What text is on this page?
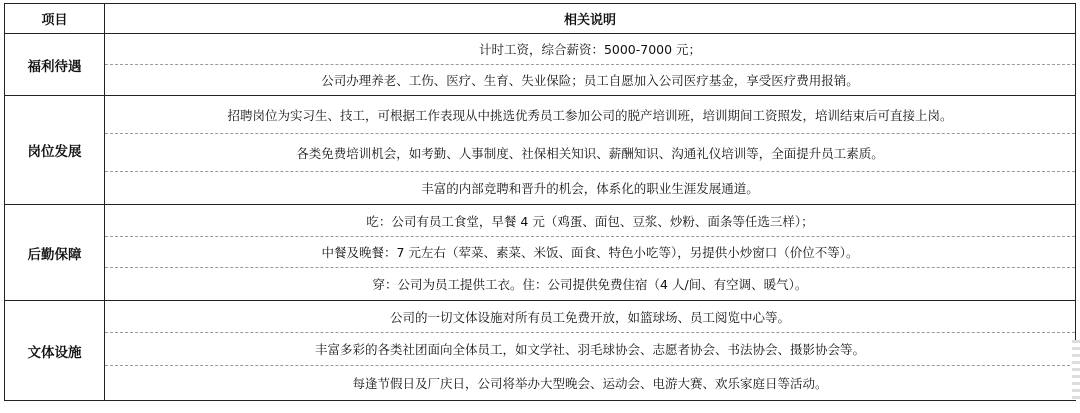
项目	相关说明
福利待遇	计时工资，综合薪资：5000-7000 元；
	公司办理养老、工伤、医疗、生育、失业保险；员工自愿加入公司医疗基金，享受医疗费用报销。
岗位发展	招聘岗位为实习生、技工，可根据工作表现从中挑选优秀员工参加公司的脱产培训班，培训期间工资照发，培训结束后可直接上岗。
	各类免费培训机会，如考勤、人事制度、社保相关知识、薪酬知识、沟通礼仪培训等，全面提升员工素质。
	丰富的内部竞聘和晋升的机会，体系化的职业生涯发展通道。
后勤保障	吃：公司有员工食堂，早餐 4 元（鸡蛋、面包、豆浆、炒粉、面条等任选三样）；
	中餐及晚餐：7 元左右（荤菜、素菜、米饭、面食、特色小吃等），另提供小炒窗口（价位不等）。
	穿：公司为员工提供工衣。住：公司提供免费住宿（4 人/间、有空调、暖气）。
文体设施	公司的一切文体设施对所有员工免费开放，如篮球场、员工阅览中心等。
	丰富多彩的各类社团面向全体员工，如文学社、羽毛球协会、志愿者协会、书法协会、摄影协会等。
	每逢节假日及厂庆日，公司将举办大型晚会、运动会、电游大赛、欢乐家庭日等活动。
